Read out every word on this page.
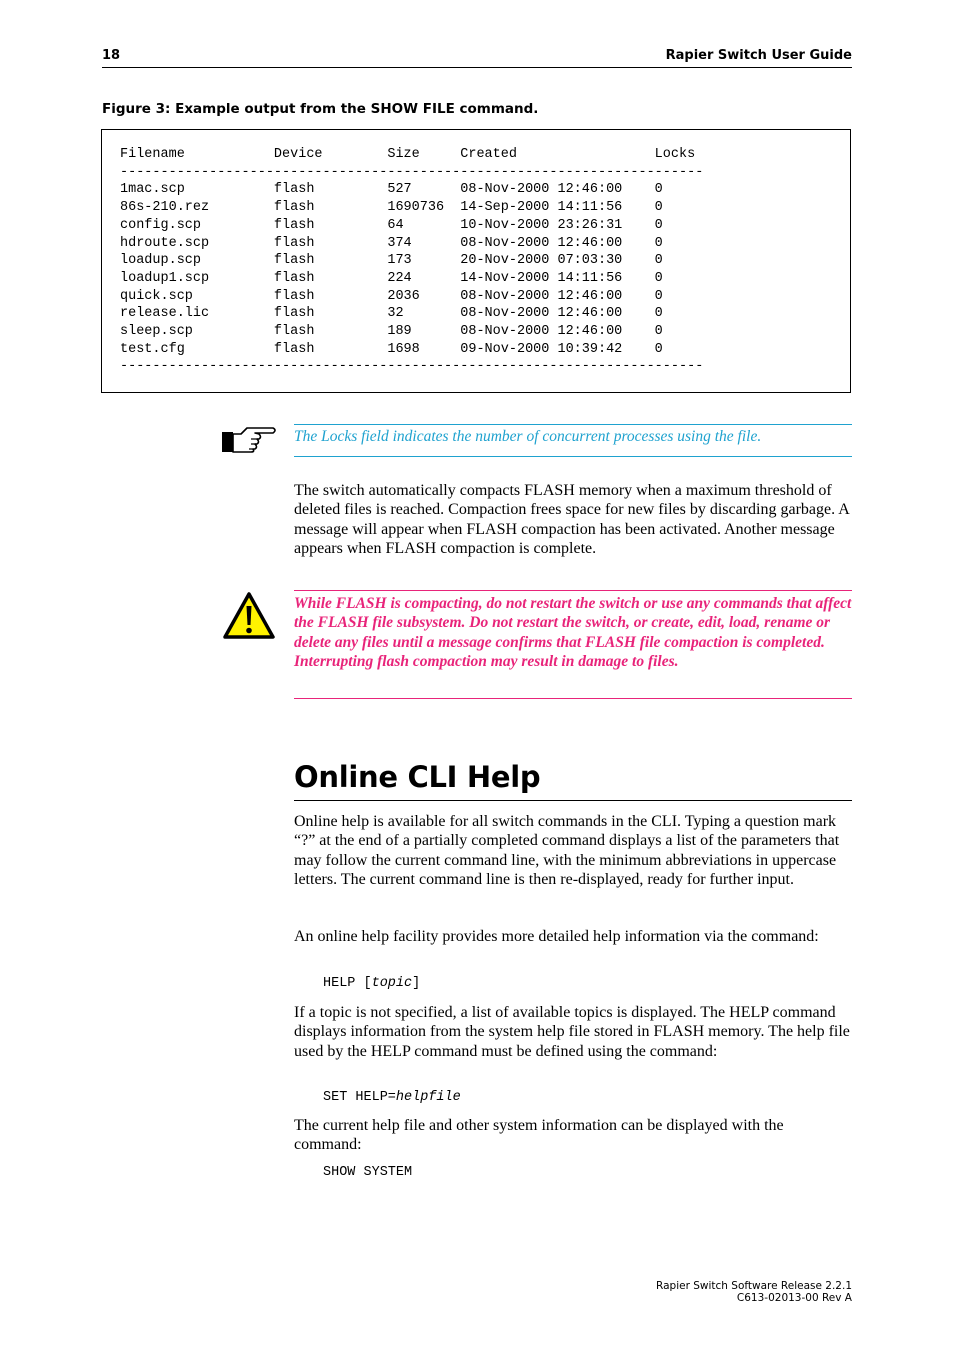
18	Rapier Switch User Guide
Figure 3: Example output from the SHOW FILE command.
Filename           Device        Size     Created                 Locks
------------------------------------------------------------------------
1mac.scp           flash         527      08-Nov-2000 12:46:00    0
86s-210.rez        flash         1690736  14-Sep-2000 14:11:56    0
config.scp         flash         64       10-Nov-2000 23:26:31    0
hdroute.scp        flash         374      08-Nov-2000 12:46:00    0
loadup.scp         flash         173      20-Nov-2000 07:03:30    0
loadup1.scp        flash         224      14-Nov-2000 14:11:56    0
quick.scp          flash         2036     08-Nov-2000 12:46:00    0
release.lic        flash         32       08-Nov-2000 12:46:00    0
sleep.scp          flash         189      08-Nov-2000 12:46:00    0
test.cfg           flash         1698     09-Nov-2000 10:39:42    0
------------------------------------------------------------------------
The Locks field indicates the number of concurrent processes using the file.
The switch automatically compacts FLASH memory when a maximum threshold of deleted files is reached. Compaction frees space for new files by discarding garbage. A message will appear when FLASH compaction has been activated. Another message appears when FLASH compaction is complete.
While FLASH is compacting, do not restart the switch or use any commands that affect the FLASH file subsystem. Do not restart the switch, or create, edit, load, rename or delete any files until a message confirms that FLASH file compaction is completed. Interrupting flash compaction may result in damage to files.
Online CLI Help
Online help is available for all switch commands in the CLI. Typing a question mark “?” at the end of a partially completed command displays a list of the parameters that may follow the current command line, with the minimum abbreviations in uppercase letters. The current command line is then re-displayed, ready for further input.
An online help facility provides more detailed help information via the command:
HELP [topic]
If a topic is not specified, a list of available topics is displayed. The HELP command displays information from the system help file stored in FLASH memory. The help file used by the HELP command must be defined using the command:
SET HELP=helpfile
The current help file and other system information can be displayed with the command:
SHOW SYSTEM
Rapier Switch Software Release 2.2.1
C613-02013-00 Rev A
